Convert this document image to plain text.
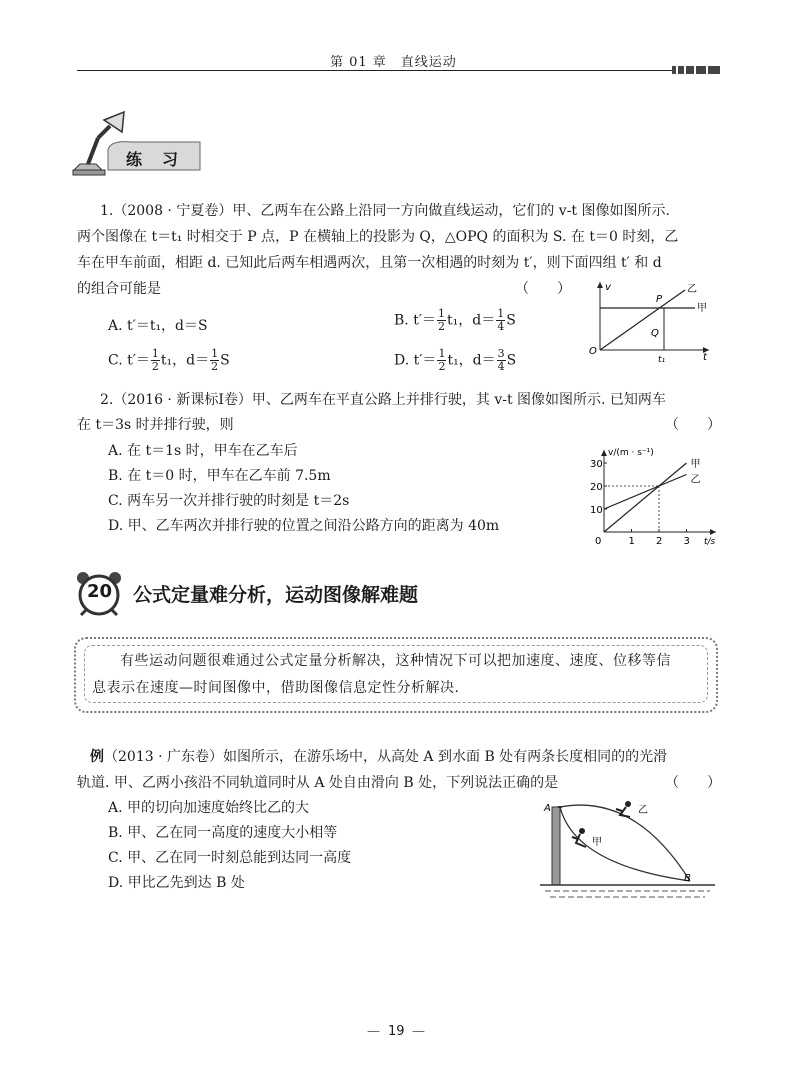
第 01 章　直线运动
练　习
1.（2008 · 宁夏卷）甲、乙两车在公路上沿同一方向做直线运动，它们的 v-t 图像如图所示.
两个图像在 t＝t₁ 时相交于 P 点，P 在横轴上的投影为 Q，△OPQ 的面积为 S. 在 t＝0 时刻，乙
车在甲车前面，相距 d. 已知此后两车相遇两次，且第一次相遇的时刻为 t′，则下面四组 t′ 和 d
的组合可能是	（　　）
A. t′＝t₁，d＝S	B. $t'= \frac{1}{2} t_1$，$d= \frac{1}{4}$ S
C. $t'= \frac{1}{2} t_1$，$d= \frac{1}{2}$ S	D. $t'= \frac{1}{2} t_1$，$d= \frac{3}{4}$ S
v
P
Q
O
t₁	t
乙
甲
2.（2016 · 新课标Ⅰ卷）甲、乙两车在平直公路上并排行驶，其 v-t 图像如图所示. 已知两车
在 t＝3s 时并排行驶，则	（　　）
A. 在 t＝1s 时，甲车在乙车后
B. 在 t＝0 时，甲车在乙车前 7.5m
C. 两车另一次并排行驶的时刻是 t＝2s
D. 甲、乙车两次并排行驶的位置之间沿公路方向的距离为 40m
v/(m · s⁻¹)
t/s
30
20
10
0	1 2 3
甲
乙
20 公式定量难分析，运动图像解难题
有些运动问题很难通过公式定量分析解决，这种情况下可以把加速度、速度、位移等信
息表示在速度—时间图像中，借助图像信息定性分析解决.
例（2013 · 广东卷）如图所示，在游乐场中，从高处 A 到水面 B 处有两条长度相同的的光滑
轨道. 甲、乙两小孩沿不同轨道同时从 A 处自由滑向 B 处，下列说法正确的是	（　　）
A. 甲的切向加速度始终比乙的大
B. 甲、乙在同一高度的速度大小相等
C. 甲、乙在同一时刻总能到达同一高度
D. 甲比乙先到达 B 处
A
B
乙
甲
— 19 —
